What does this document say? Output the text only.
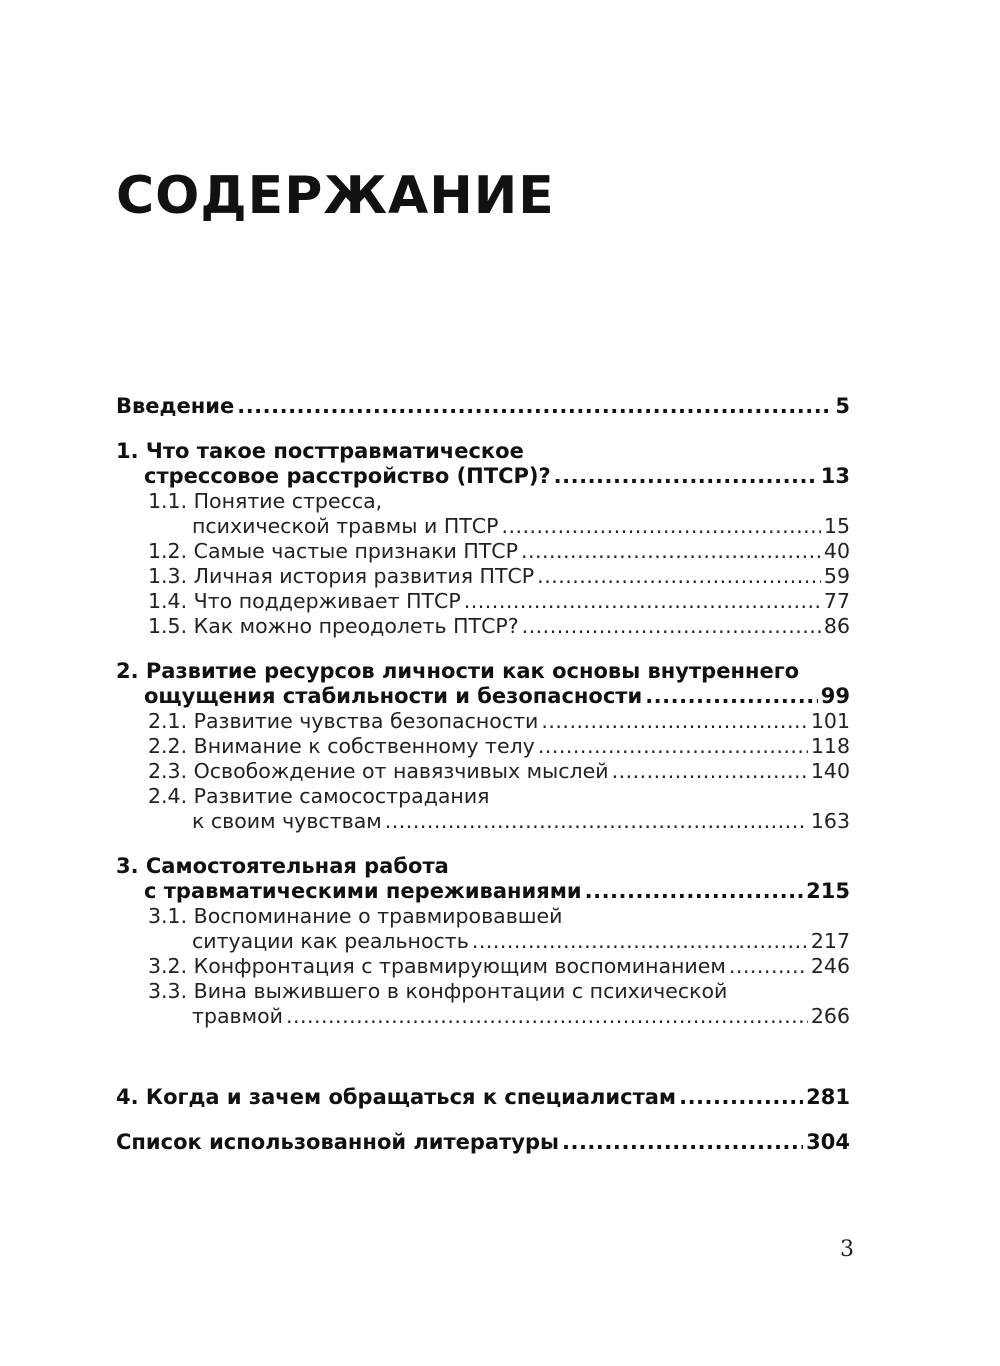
СОДЕРЖАНИЕ
Введение .....	5
1. Что такое посттравматическое
стрессовое расстройство (ПТСР)? .....	13
1.1. Понятие стресса,
психической травмы и ПТСР .....	15
1.2. Самые частые признаки ПТСР .....	40
1.3. Личная история развития ПТСР .....	59
1.4. Что поддерживает ПТСР .....	77
1.5. Как можно преодолеть ПТСР? .....	86
2. Развитие ресурсов личности как основы внутреннего
ощущения стабильности и безопасности .....	99
2.1. Развитие чувства безопасности .....	101
2.2. Внимание к собственному телу .....	118
2.3. Освобождение от навязчивых мыслей .....	140
2.4. Развитие самосострадания
к своим чувствам .....	163
3. Самостоятельная работа
с травматическими переживаниями .....	215
3.1. Воспоминание о травмировавшей
ситуации как реальность .....	217
3.2. Конфронтация с травмирующим воспоминанием .....	246
3.3. Вина выжившего в конфронтации с психической
травмой .....	266
4. Когда и зачем обращаться к специалистам .....	281
Список использованной литературы .....	304
3
